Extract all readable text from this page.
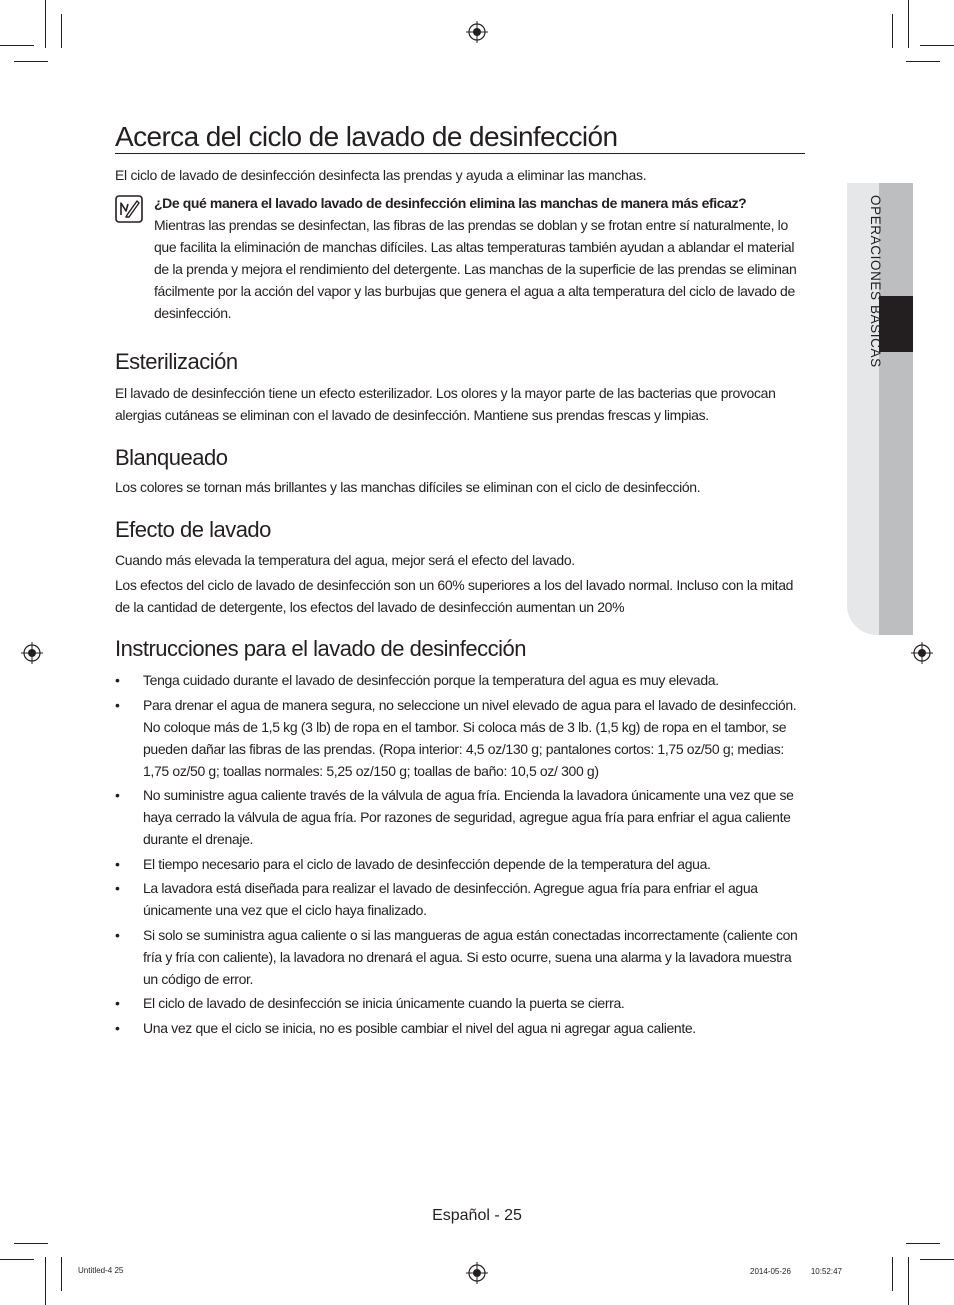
Acerca del ciclo de lavado de desinfección
El ciclo de lavado de desinfección desinfecta las prendas y ayuda a eliminar las manchas.
¿De qué manera el lavado lavado de desinfección elimina las manchas de manera más eficaz?
Mientras las prendas se desinfectan, las fibras de las prendas se doblan y se frotan entre sí naturalmente, lo que facilita la eliminación de manchas difíciles. Las altas temperaturas también ayudan a ablandar el material de la prenda y mejora el rendimiento del detergente. Las manchas de la superficie de las prendas se eliminan fácilmente por la acción del vapor y las burbujas que genera el agua a alta temperatura del ciclo de lavado de desinfección.
Esterilización
El lavado de desinfección tiene un efecto esterilizador. Los olores y la mayor parte de las bacterias que provocan alergias cutáneas se eliminan con el lavado de desinfección. Mantiene sus prendas frescas y limpias.
Blanqueado
Los colores se tornan más brillantes y las manchas difíciles se eliminan con el ciclo de desinfección.
Efecto de lavado
Cuando más elevada la temperatura del agua, mejor será el efecto del lavado.
Los efectos del ciclo de lavado de desinfección son un 60% superiores a los del lavado normal. Incluso con la mitad de la cantidad de detergente, los efectos del lavado de desinfección aumentan un 20%
Instrucciones para el lavado de desinfección
• Tenga cuidado durante el lavado de desinfección porque la temperatura del agua es muy elevada.
• Para drenar el agua de manera segura, no seleccione un nivel elevado de agua para el lavado de desinfección. No coloque más de 1,5 kg (3 lb) de ropa en el tambor. Si coloca más de 3 lb. (1,5 kg) de ropa en el tambor, se pueden dañar las fibras de las prendas. (Ropa interior: 4,5 oz/130 g; pantalones cortos: 1,75 oz/50 g; medias: 1,75 oz/50 g; toallas normales: 5,25 oz/150 g; toallas de baño: 10,5 oz/ 300 g)
• No suministre agua caliente través de la válvula de agua fría. Encienda la lavadora únicamente una vez que se haya cerrado la válvula de agua fría. Por razones de seguridad, agregue agua fría para enfriar el agua caliente durante el drenaje.
• El tiempo necesario para el ciclo de lavado de desinfección depende de la temperatura del agua.
• La lavadora está diseñada para realizar el lavado de desinfección. Agregue agua fría para enfriar el agua únicamente una vez que el ciclo haya finalizado.
• Si solo se suministra agua caliente o si las mangueras de agua están conectadas incorrectamente (caliente con fría y fría con caliente), la lavadora no drenará el agua. Si esto ocurre, suena una alarma y la lavadora muestra un código de error.
• El ciclo de lavado de desinfección se inicia únicamente cuando la puerta se cierra.
• Una vez que el ciclo se inicia, no es posible cambiar el nivel del agua ni agregar agua caliente.
OPERACIONES BÁSICAS
Español - 25
Untitled-4 25	2014-05-26 ㅤㅤ 10:52:47
